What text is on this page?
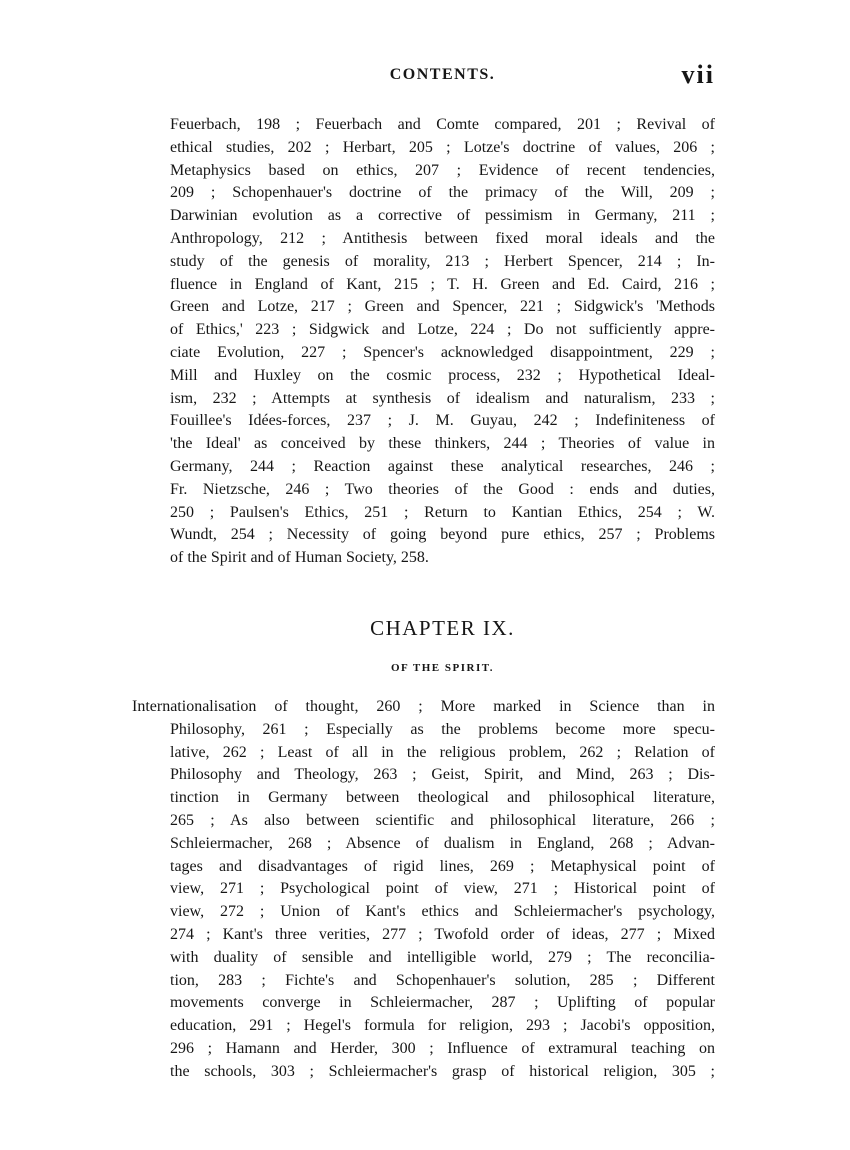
CONTENTS.	vii
Feuerbach, 198 ; Feuerbach and Comte compared, 201 ; Revival of
ethical studies, 202 ; Herbart, 205 ; Lotze's doctrine of values, 206 ;
Metaphysics based on ethics, 207 ; Evidence of recent tendencies,
209 ; Schopenhauer's doctrine of the primacy of the Will, 209 ;
Darwinian evolution as a corrective of pessimism in Germany, 211 ;
Anthropology, 212 ; Antithesis between fixed moral ideals and the
study of the genesis of morality, 213 ; Herbert Spencer, 214 ; In-
fluence in England of Kant, 215 ; T. H. Green and Ed. Caird, 216 ;
Green and Lotze, 217 ; Green and Spencer, 221 ; Sidgwick's 'Methods
of Ethics,' 223 ; Sidgwick and Lotze, 224 ; Do not sufficiently appre-
ciate Evolution, 227 ; Spencer's acknowledged disappointment, 229 ;
Mill and Huxley on the cosmic process, 232 ; Hypothetical Ideal-
ism, 232 ; Attempts at synthesis of idealism and naturalism, 233 ;
Fouillee's Idées-forces, 237 ; J. M. Guyau, 242 ; Indefiniteness of
'the Ideal' as conceived by these thinkers, 244 ; Theories of value in
Germany, 244 ; Reaction against these analytical researches, 246 ;
Fr. Nietzsche, 246 ; Two theories of the Good : ends and duties,
250 ; Paulsen's Ethics, 251 ; Return to Kantian Ethics, 254 ; W.
Wundt, 254 ; Necessity of going beyond pure ethics, 257 ; Problems
of the Spirit and of Human Society, 258.
CHAPTER IX.
OF THE SPIRIT.
Internationalisation of thought, 260 ; More marked in Science than in
Philosophy, 261 ; Especially as the problems become more specu-
lative, 262 ; Least of all in the religious problem, 262 ; Relation of
Philosophy and Theology, 263 ; Geist, Spirit, and Mind, 263 ; Dis-
tinction in Germany between theological and philosophical literature,
265 ; As also between scientific and philosophical literature, 266 ;
Schleiermacher, 268 ; Absence of dualism in England, 268 ; Advan-
tages and disadvantages of rigid lines, 269 ; Metaphysical point of
view, 271 ; Psychological point of view, 271 ; Historical point of
view, 272 ; Union of Kant's ethics and Schleiermacher's psychology,
274 ; Kant's three verities, 277 ; Twofold order of ideas, 277 ; Mixed
with duality of sensible and intelligible world, 279 ; The reconcilia-
tion, 283 ; Fichte's and Schopenhauer's solution, 285 ; Different
movements converge in Schleiermacher, 287 ; Uplifting of popular
education, 291 ; Hegel's formula for religion, 293 ; Jacobi's opposition,
296 ; Hamann and Herder, 300 ; Influence of extramural teaching on
the schools, 303 ; Schleiermacher's grasp of historical religion, 305 ;
